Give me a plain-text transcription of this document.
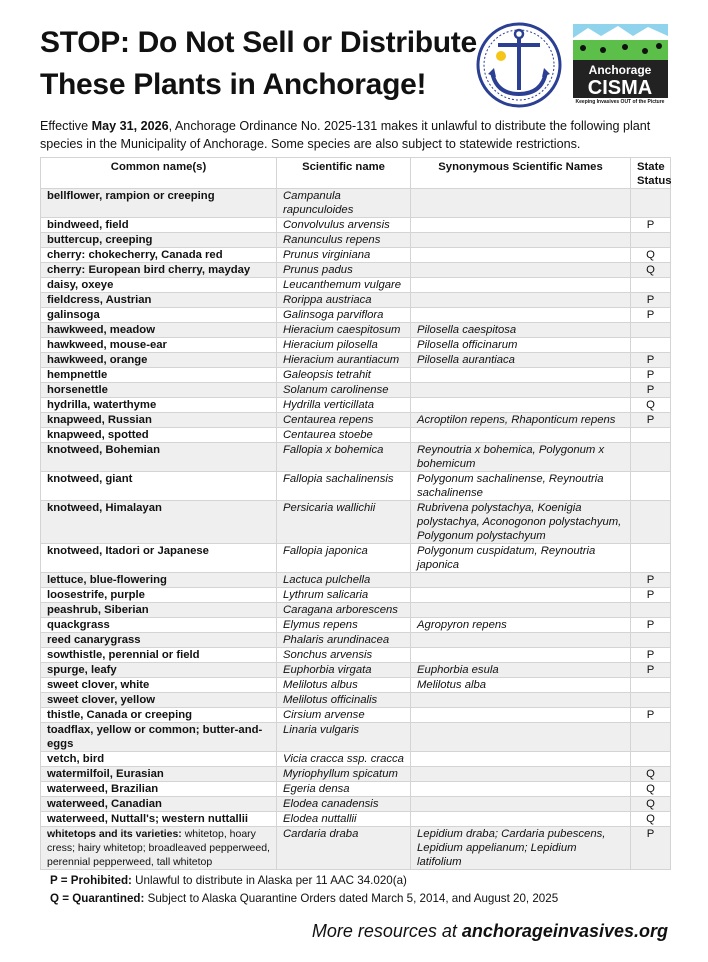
STOP: Do Not Sell or Distribute
These Plants in Anchorage!	Anchorage
CISMA
Keeping Invasives OUT of the Picture
Effective May 31, 2026, Anchorage Ordinance No. 2025-131 makes it unlawful to distribute the following plant species in the Municipality of Anchorage. Some species are also subject to statewide restrictions.
Common name(s)	Scientific name	Synonymous Scientific Names	State Status
bellflower, rampion or creeping	Campanula rapunculoides		
bindweed, field	Convolvulus arvensis		P
buttercup, creeping	Ranunculus repens		
cherry: chokecherry, Canada red	Prunus virginiana		Q
cherry: European bird cherry, mayday	Prunus padus		Q
daisy, oxeye	Leucanthemum vulgare		
fieldcress, Austrian	Rorippa austriaca		P
galinsoga	Galinsoga parviflora		P
hawkweed, meadow	Hieracium caespitosum	Pilosella caespitosa	
hawkweed, mouse-ear	Hieracium pilosella	Pilosella officinarum	
hawkweed, orange	Hieracium aurantiacum	Pilosella aurantiaca	P
hempnettle	Galeopsis tetrahit		P
horsenettle	Solanum carolinense		P
hydrilla, waterthyme	Hydrilla verticillata		Q
knapweed, Russian	Centaurea repens	Acroptilon repens, Rhaponticum repens	P
knapweed, spotted	Centaurea stoebe		
knotweed, Bohemian	Fallopia x bohemica	Reynoutria x bohemica, Polygonum x bohemicum	
knotweed, giant	Fallopia sachalinensis	Polygonum sachalinense, Reynoutria sachalinense	
knotweed, Himalayan	Persicaria wallichii	Rubrivena polystachya, Koenigia polystachya, Aconogonon polystachyum, Polygonum polystachyum	
knotweed, Itadori or Japanese	Fallopia japonica	Polygonum cuspidatum, Reynoutria japonica	
lettuce, blue-flowering	Lactuca pulchella		P
loosestrife, purple	Lythrum salicaria		P
peashrub, Siberian	Caragana arborescens		
quackgrass	Elymus repens	Agropyron repens	P
reed canarygrass	Phalaris arundinacea		
sowthistle, perennial or field	Sonchus arvensis		P
spurge, leafy	Euphorbia virgata	Euphorbia esula	P
sweet clover, white	Melilotus albus	Melilotus alba	
sweet clover, yellow	Melilotus officinalis		
thistle, Canada or creeping	Cirsium arvense		P
toadflax, yellow or common; butter-and-eggs	Linaria vulgaris		
vetch, bird	Vicia cracca ssp. cracca		
watermilfoil, Eurasian	Myriophyllum spicatum		Q
waterweed, Brazilian	Egeria densa		Q
waterweed, Canadian	Elodea canadensis		Q
waterweed, Nuttall's; western nuttallii	Elodea nuttallii		Q
whitetops and its varieties: whitetop, hoary cress; hairy whitetop; broadleaved pepperweed, perennial pepperweed, tall whitetop	Cardaria draba	Lepidium draba; Cardaria pubescens, Lepidium appelianum; Lepidium latifolium	P
P = Prohibited: Unlawful to distribute in Alaska per 11 AAC 34.020(a)
Q = Quarantined: Subject to Alaska Quarantine Orders dated March 5, 2014, and August 20, 2025
More resources at anchorageinvasives.org
